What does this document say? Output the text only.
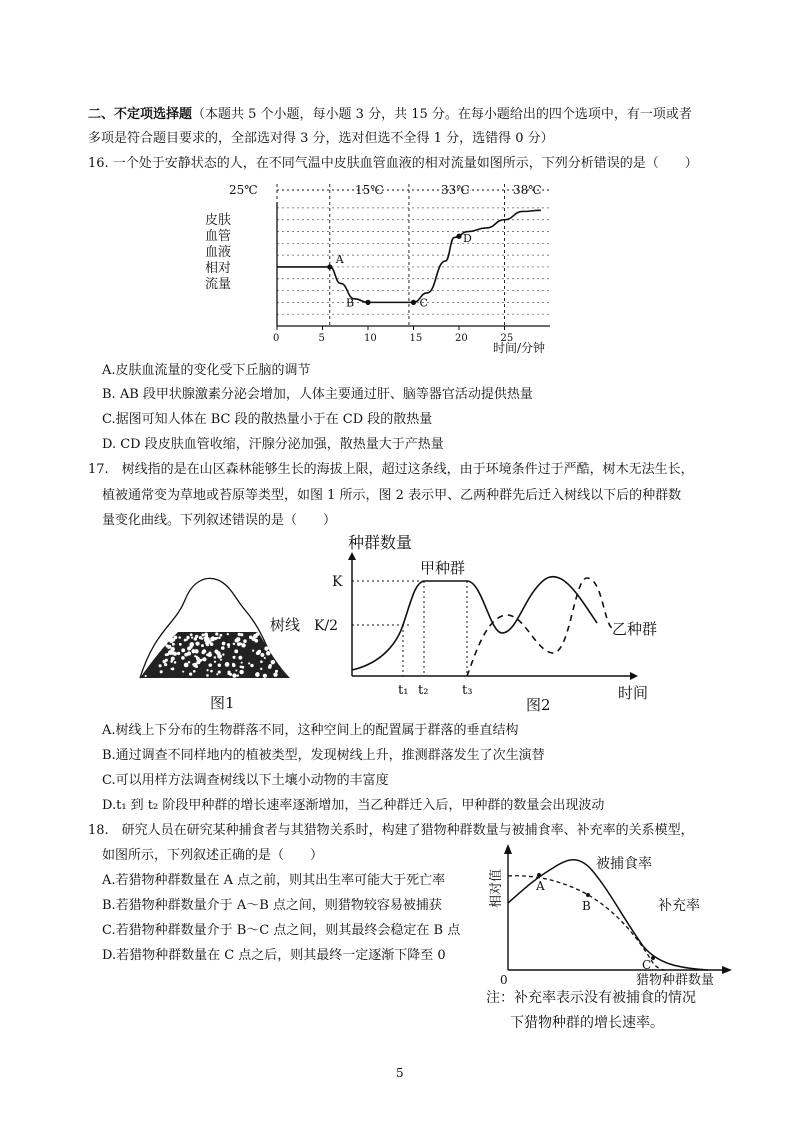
二、不定项选择题（本题共 5 个小题，每小题 3 分，共 15 分。在每小题给出的四个选项中，有一项或者
多项是符合题目要求的，全部选对得 3 分，选对但选不全得 1 分，选错得 0 分）
16. 一个处于安静状态的人，在不同气温中皮肤血管血液的相对流量如图所示，下列分析错误的是（　　）
25℃	15℃	33℃	38℃
皮肤
血管
血液
相对
流量
0	5	10	15	20	25
A
B	C
D
时间/分钟
A.皮肤血流量的变化受下丘脑的调节
B. AB 段甲状腺激素分泌会增加，人体主要通过肝、脑等器官活动提供热量
C.据图可知人体在 BC 段的散热量小于在 CD 段的散热量
D. CD 段皮肤血管收缩，汗腺分泌加强，散热量大于产热量
17.　树线指的是在山区森林能够生长的海拔上限，超过这条线，由于环境条件过于严酷，树木无法生长，
植被通常变为草地或苔原等类型，如图 1 所示，图 2 表示甲、乙两种群先后迁入树线以下后的种群数
量变化曲线。下列叙述错误的是（　　）
树线
图1
种群数量
K
K/2
甲种群
乙种群
t₁ t₂	t₃	时间
图2
A.树线上下分布的生物群落不同，这种空间上的配置属于群落的垂直结构
B.通过调查不同样地内的植被类型，发现树线上升，推测群落发生了次生演替
C.可以用样方法调查树线以下土壤小动物的丰富度
D.t₁ 到 t₂ 阶段甲种群的增长速率逐渐增加，当乙种群迁入后，甲种群的数量会出现波动
18.　研究人员在研究某种捕食者与其猎物关系时，构建了猎物种群数量与被捕食率、补充率的关系模型，
如图所示，下列叙述正确的是（　　）
A.若猎物种群数量在 A 点之前，则其出生率可能大于死亡率
B.若猎物种群数量介于 A～B 点之间，则猎物较容易被捕获
C.若猎物种群数量介于 B～C 点之间，则其最终会稳定在 B 点
D.若猎物种群数量在 C 点之后，则其最终一定逐渐下降至 0
0
相对值	A
B
C
被捕食率
补充率
猎物种群数量
注：补充率表示没有被捕食的情况
下猎物种群的增长速率。
5
